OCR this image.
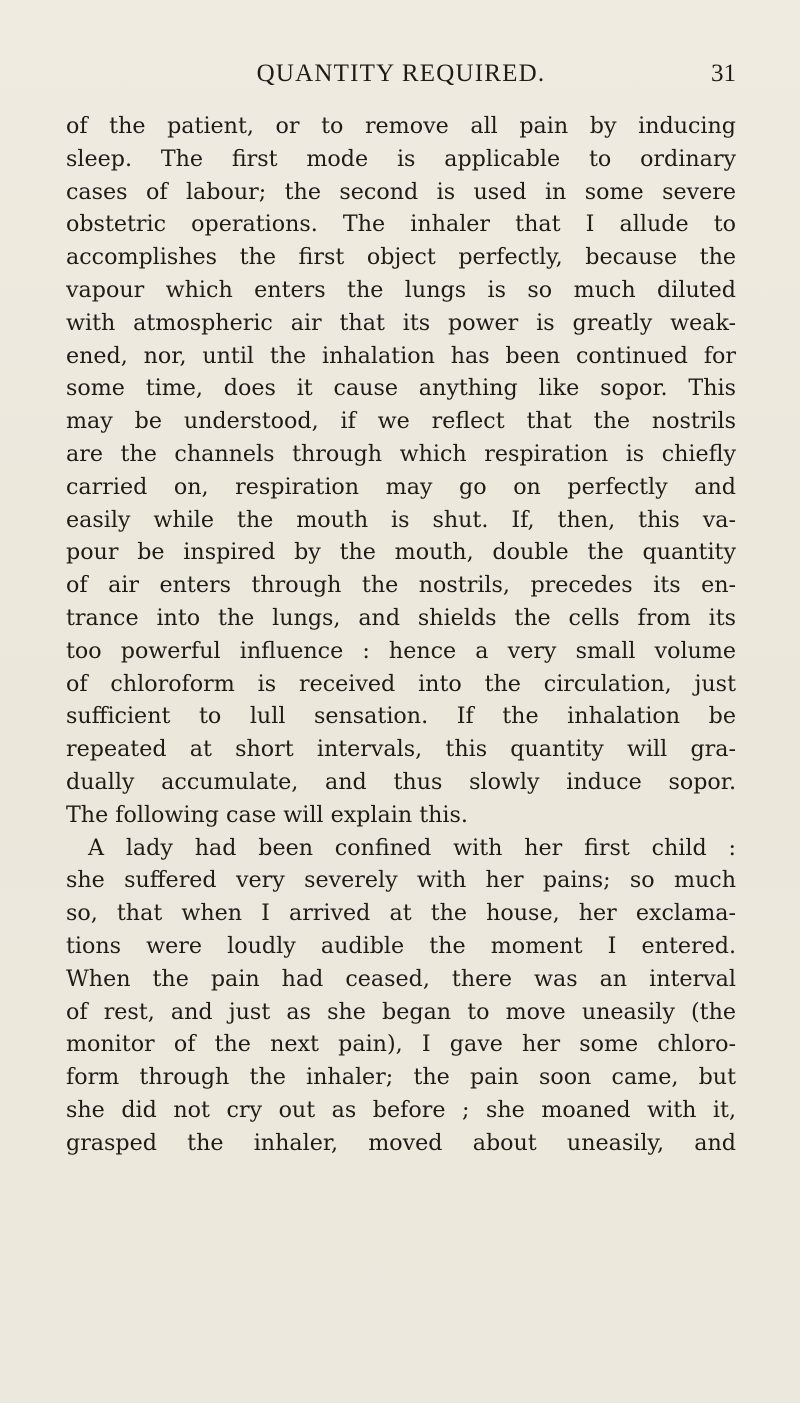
QUANTITY REQUIRED.	31
of the patient, or to remove all pain by inducing
sleep. The first mode is applicable to ordinary
cases of labour; the second is used in some severe
obstetric operations. The inhaler that I allude to
accomplishes the first object perfectly, because the
vapour which enters the lungs is so much diluted
with atmospheric air that its power is greatly weak-
ened, nor, until the inhalation has been continued for
some time, does it cause anything like sopor. This
may be understood, if we reflect that the nostrils
are the channels through which respiration is chiefly
carried on, respiration may go on perfectly and
easily while the mouth is shut. If, then, this va-
pour be inspired by the mouth, double the quantity
of air enters through the nostrils, precedes its en-
trance into the lungs, and shields the cells from its
too powerful influence : hence a very small volume
of chloroform is received into the circulation, just
sufficient to lull sensation. If the inhalation be
repeated at short intervals, this quantity will gra-
dually accumulate, and thus slowly induce sopor.
The following case will explain this.
A lady had been confined with her first child :
she suffered very severely with her pains; so much
so, that when I arrived at the house, her exclama-
tions were loudly audible the moment I entered.
When the pain had ceased, there was an interval
of rest, and just as she began to move uneasily (the
monitor of the next pain), I gave her some chloro-
form through the inhaler; the pain soon came, but
she did not cry out as before ; she moaned with it,
grasped the inhaler, moved about uneasily, and
